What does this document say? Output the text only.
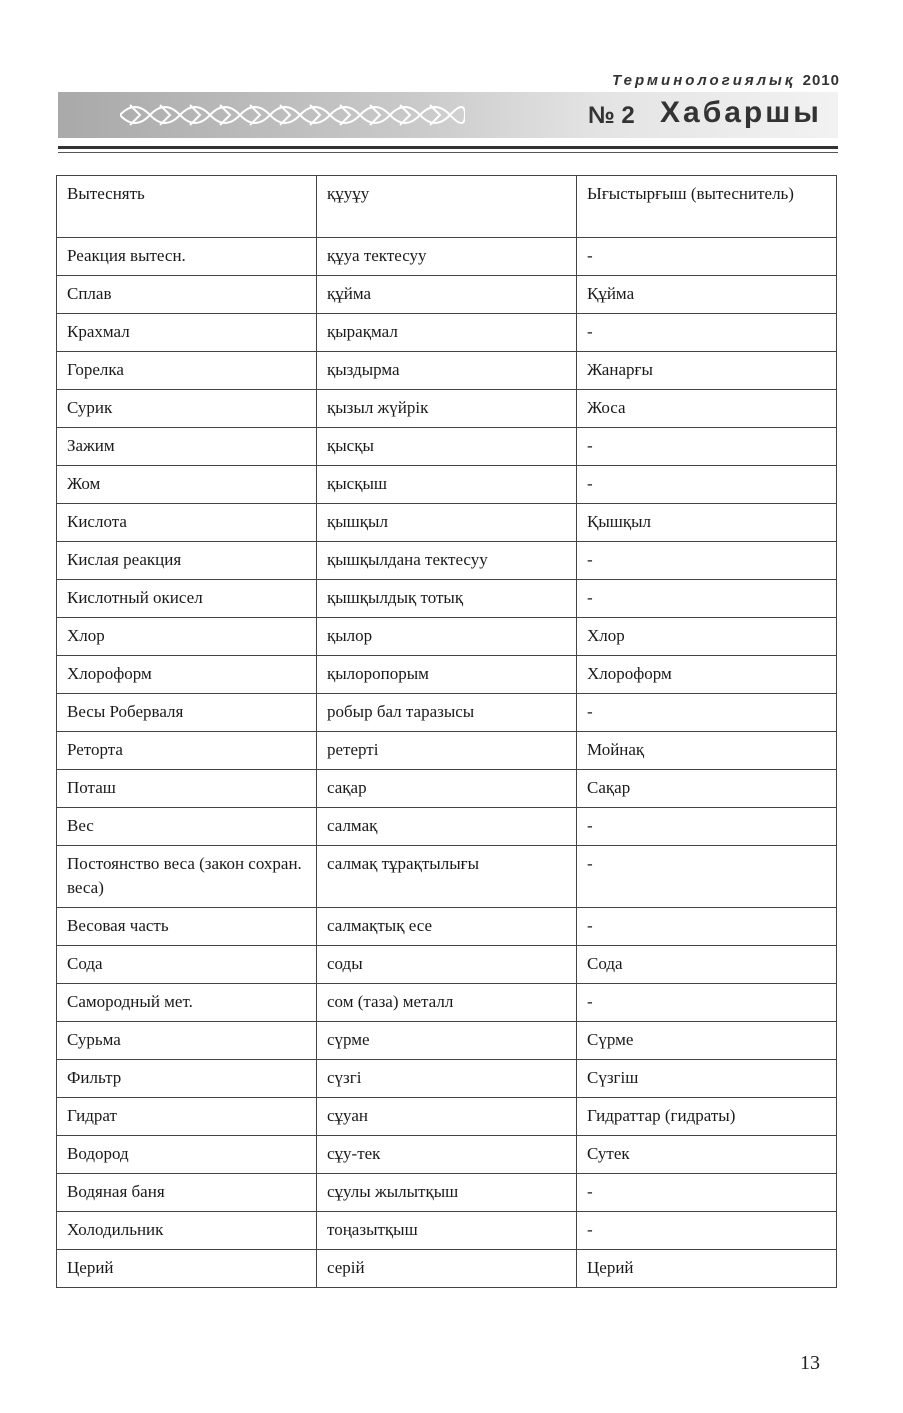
Терминологиялық 2010
№ 2 Хабаршы
Вытеснять	құуұу	Ығыстырғыш (вытеснитель)
Реакция вытесн.	құуа тектесуу	-
Сплав	құйма	Құйма
Крахмал	қырақмал	-
Горелка	қыздырма	Жанарғы
Сурик	қызыл жүйрік	Жоса
Зажим	қысқы	-
Жом	қысқыш	-
Кислота	қышқыл	Қышқыл
Кислая реакция	қышқылдана тектесуу	-
Кислотный окисел	қышқылдық тотық	-
Хлор	қылор	Хлор
Хлороформ	қылоропорым	Хлороформ
Весы Роберваля	робыр бал таразысы	-
Реторта	ретерті	Мойнақ
Поташ	сақар	Сақар
Вес	салмақ	-
Постоянство веса (закон сохран. веса)	салмақ тұрақтылығы	-
Весовая часть	салмақтық есе	-
Сода	соды	Сода
Самородный мет.	сом (таза) металл	-
Сурьма	сүрме	Сүрме
Фильтр	сүзгі	Сүзгіш
Гидрат	сұуан	Гидраттар (гидраты)
Водород	сұу-тек	Сутек
Водяная баня	сұулы жылытқыш	-
Холодильник	тоңазытқыш	-
Церий	серій	Церий
13
